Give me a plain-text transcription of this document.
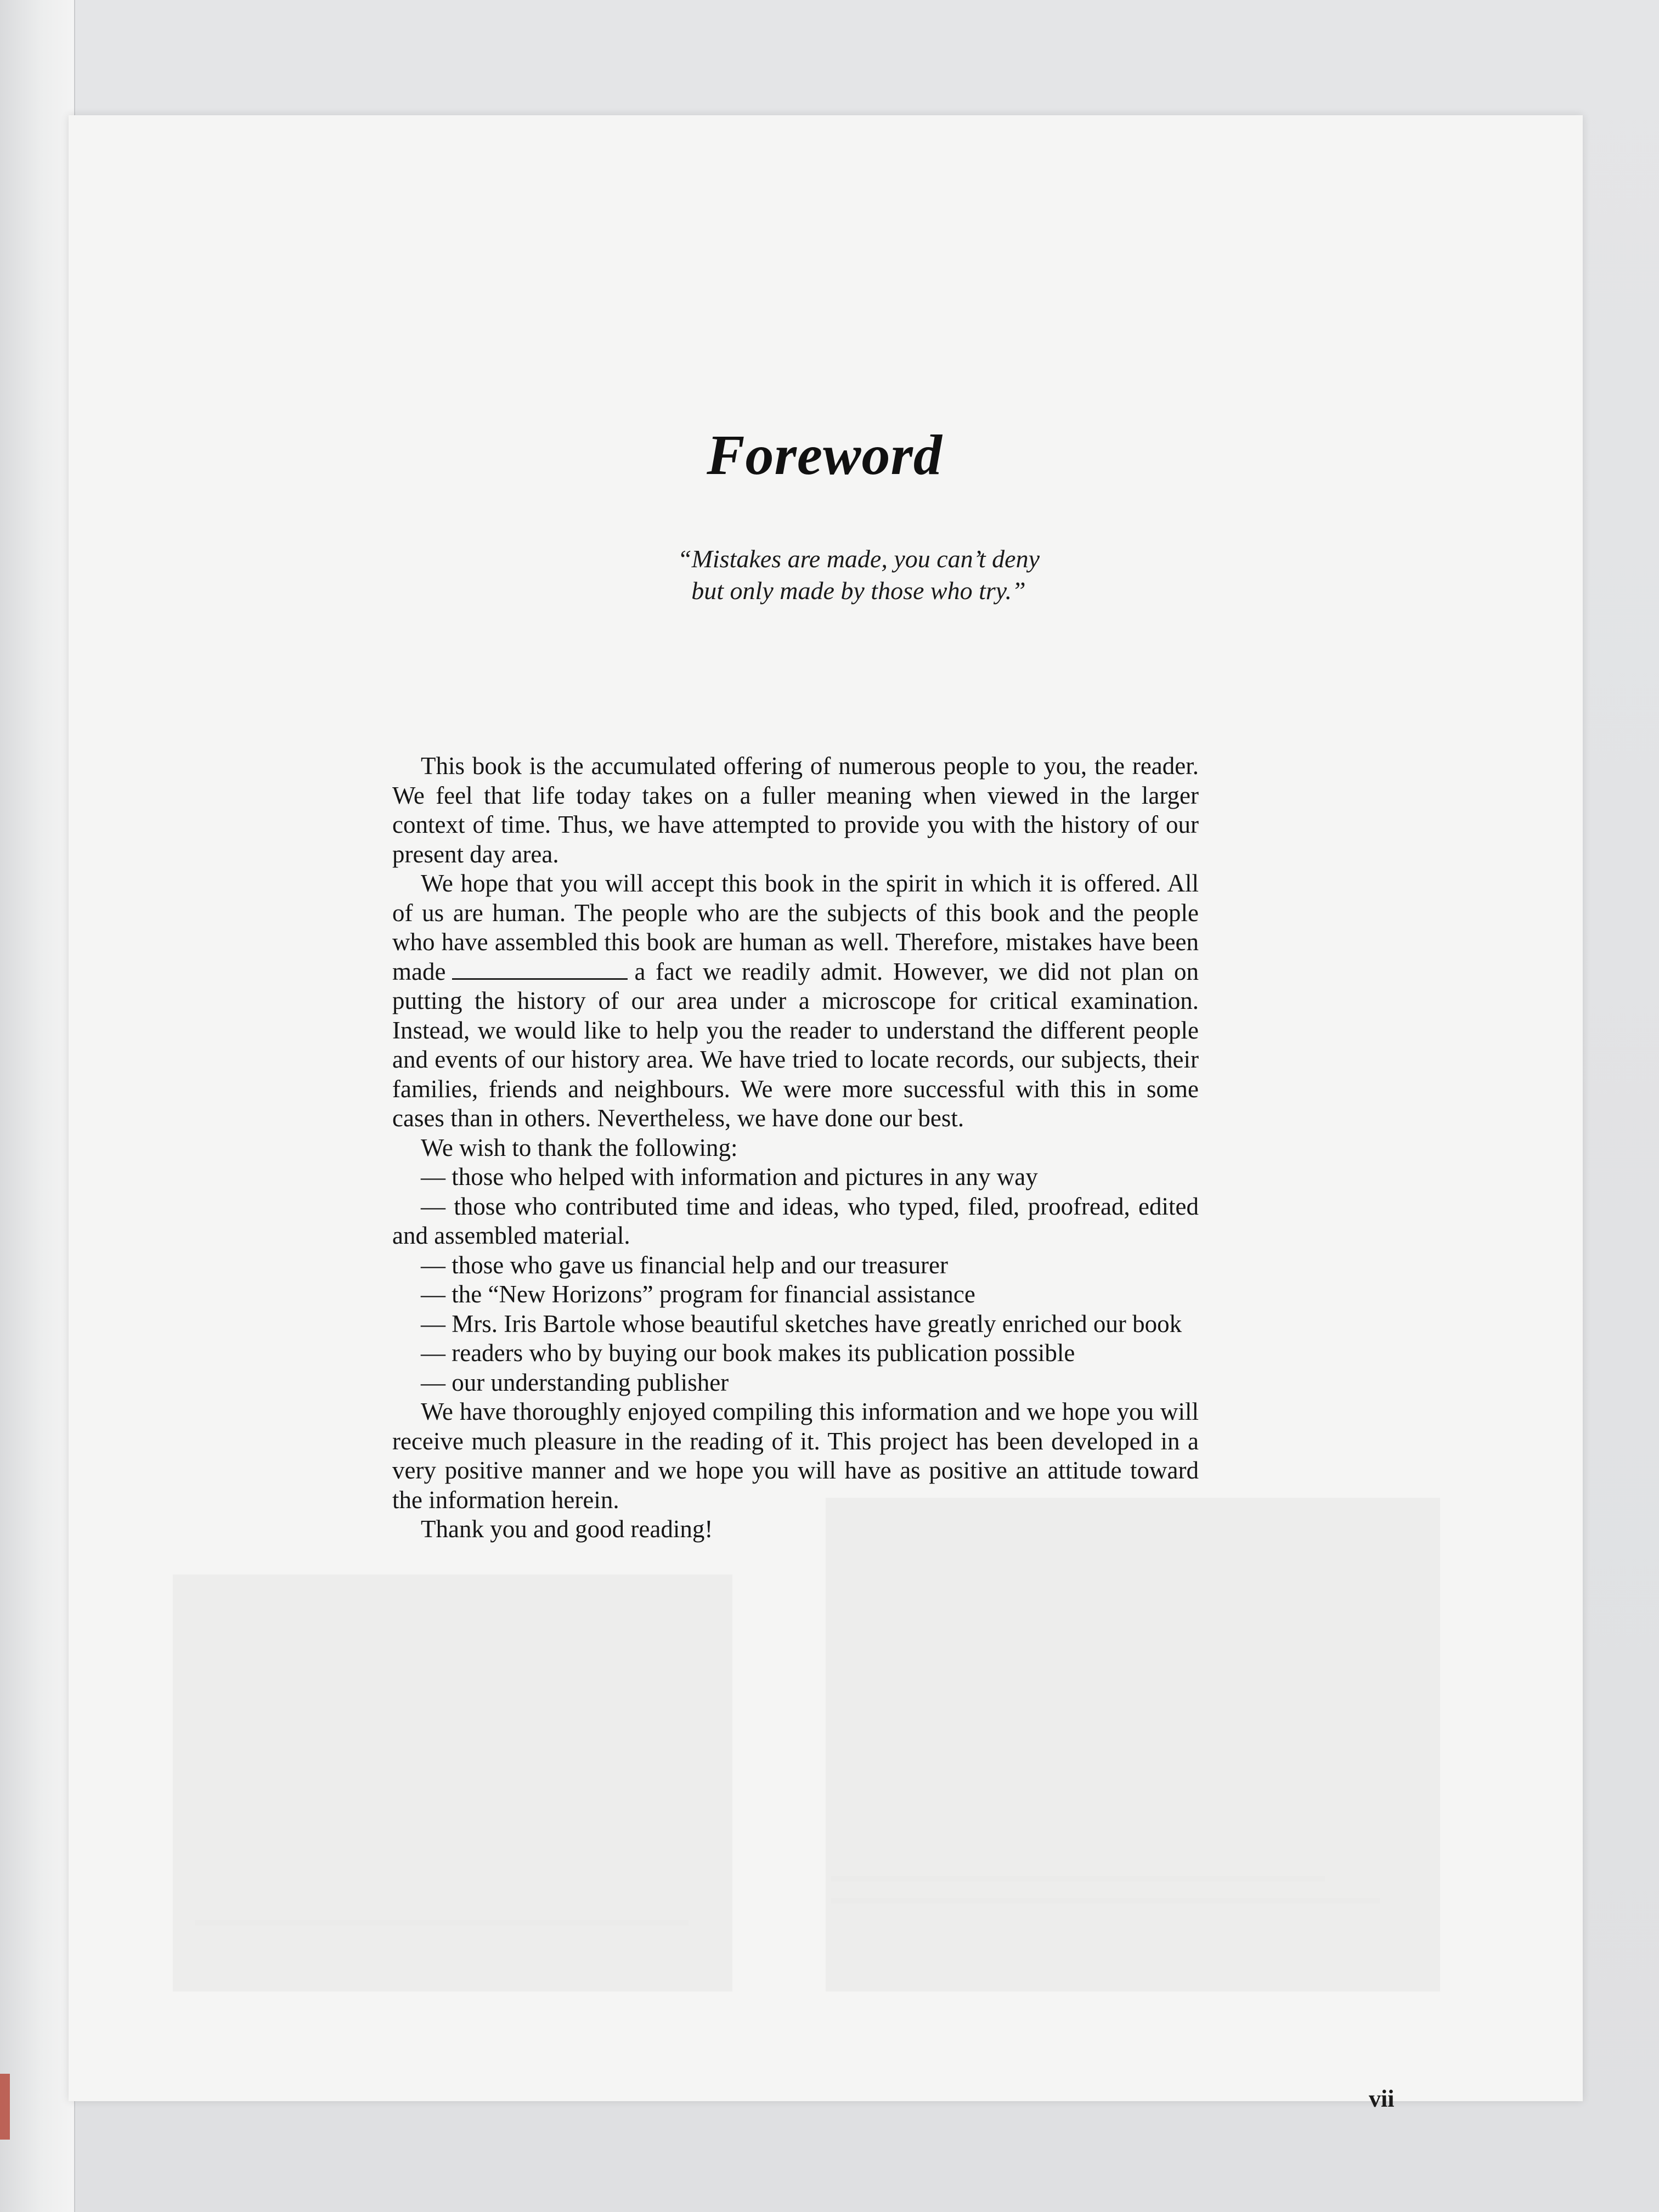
Foreword
“Mistakes are made, you can’t deny
but only made by those who try.”

This book is the accumulated offering of numerous people to you, the reader. We feel that life today takes on a fuller meaning when viewed in the larger context of time. Thus, we have attempted to provide you with the history of our present day area.

We hope that you will accept this book in the spirit in which it is offered. All of us are human. The people who are the subjects of this book and the people who have assembled this book are human as well. Therefore, mistakes have been made	a fact we readily admit. However, we did not plan on putting the history of our area under a microscope for critical examination. Instead, we would like to help you the reader to understand the different people and events of our history area. We have tried to locate records, our subjects, their families, friends and neighbours. We were more successful with this in some cases than in others. Nevertheless, we have done our best.

We wish to thank the following:

— those who helped with information and pictures in any way

— those who contributed time and ideas, who typed, filed, proofread, edited and assembled material.

— those who gave us financial help and our treasurer

— the “New Horizons” program for financial assistance

— Mrs. Iris Bartole whose beautiful sketches have greatly enriched our book

— readers who by buying our book makes its publication possible

— our understanding publisher

We have thoroughly enjoyed compiling this information and we hope you will receive much pleasure in the reading of it. This project has been developed in a very positive manner and we hope you will have as positive an attitude toward the information herein.

Thank you and good reading!

vii
